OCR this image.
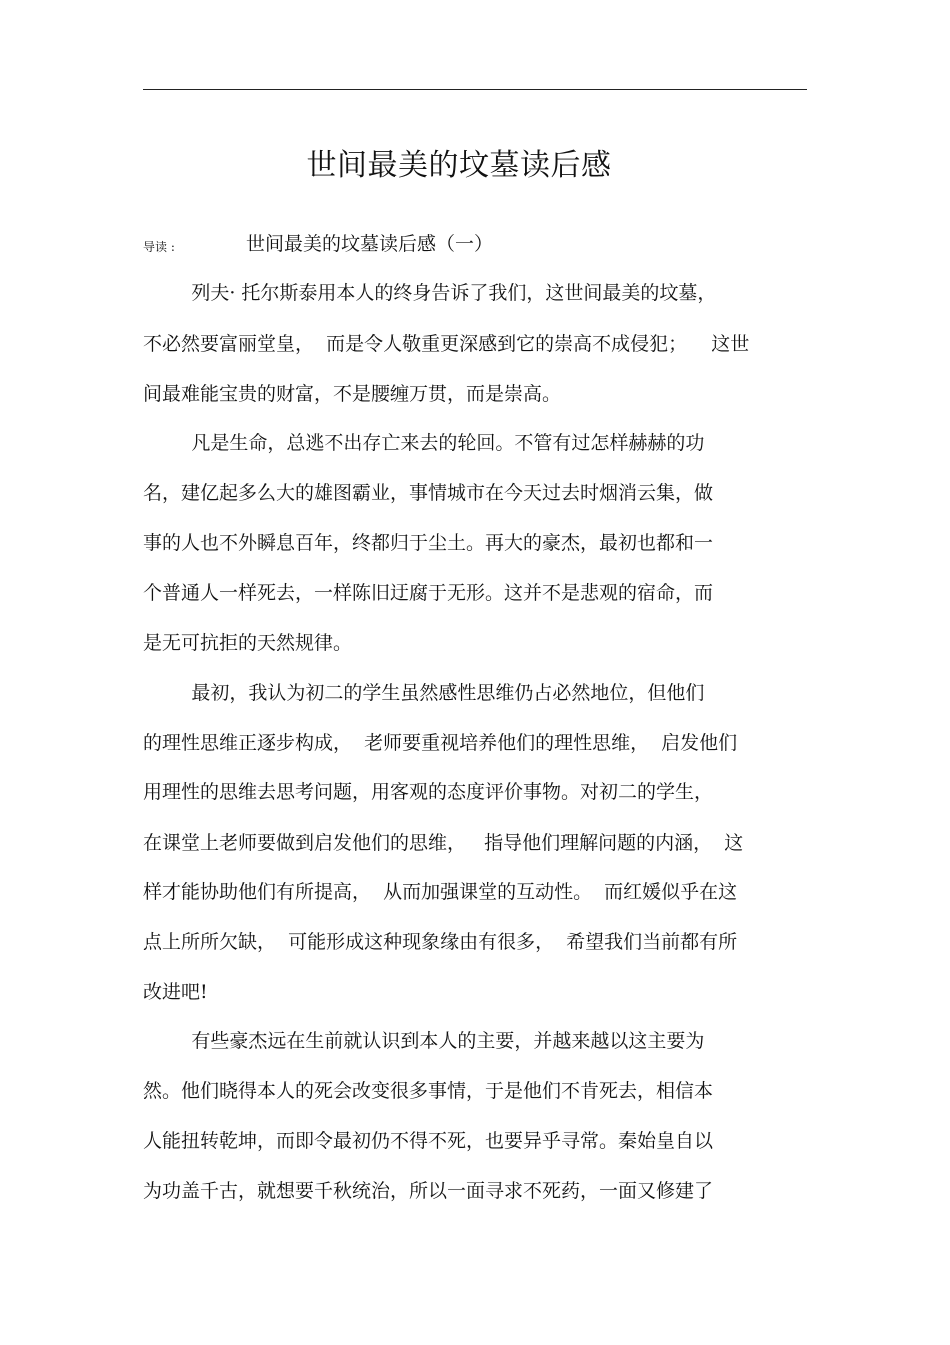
世间最美的坟墓读后感
导读 :	世间最美的坟墓读后感（一）
列夫· 托尔斯泰用本人的终身告诉了我们，这世间最美的坟墓，
不必然要富丽堂皇，  而是令人敬重更深感到它的崇高不成侵犯；    这世
间最难能宝贵的财富，不是腰缠万贯，而是崇高。
凡是生命，总逃不出存亡来去的轮回。不管有过怎样赫赫的功
名，建亿起多么大的雄图霸业，事情城市在今天过去时烟消云集，做
事的人也不外瞬息百年，终都归于尘土。再大的豪杰，最初也都和一
个普通人一样死去，一样陈旧迂腐于无形。这并不是悲观的宿命，而
是无可抗拒的天然规律。
最初，我认为初二的学生虽然感性思维仍占必然地位，但他们
的理性思维正逐步构成，  老师要重视培养他们的理性思维，  启发他们
用理性的思维去思考问题，用客观的态度评价事物。对初二的学生，
在课堂上老师要做到启发他们的思维，   指导他们理解问题的内涵，  这
样才能协助他们有所提高，  从而加强课堂的互动性。  而红媛似乎在这
点上所所欠缺，  可能形成这种现象缘由有很多，  希望我们当前都有所
改进吧!
有些豪杰远在生前就认识到本人的主要，并越来越以这主要为
然。他们晓得本人的死会改变很多事情，于是他们不肯死去，相信本
人能扭转乾坤，而即令最初仍不得不死，也要异乎寻常。秦始皇自以
为功盖千古，就想要千秋统治，所以一面寻求不死药，一面又修建了
